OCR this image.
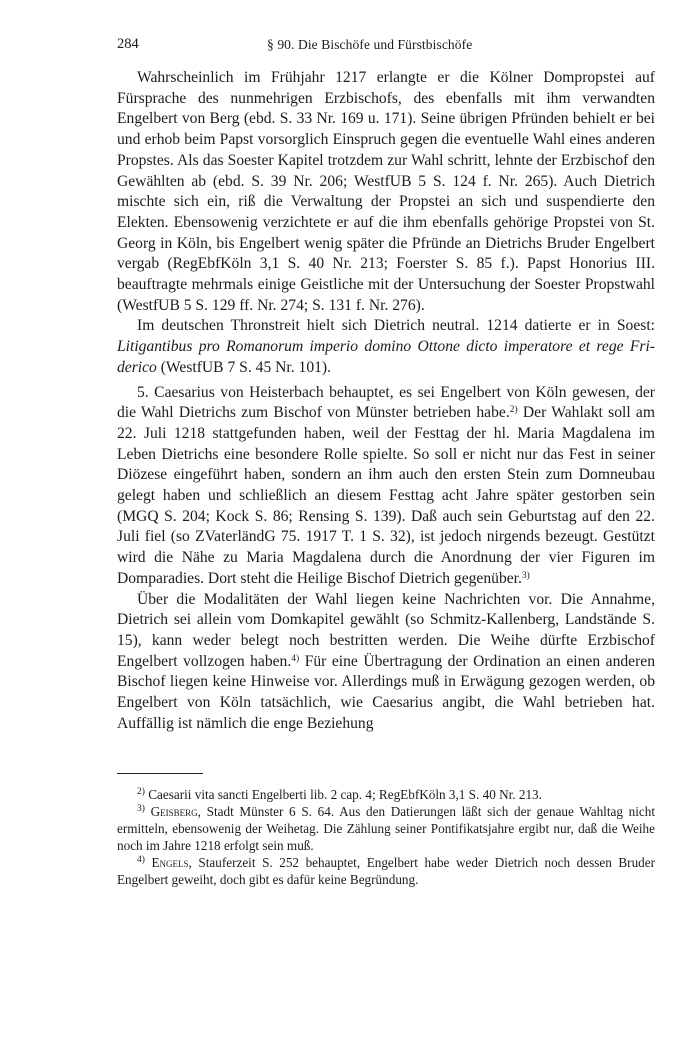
284	§ 90. Die Bischöfe und Fürstbischöfe

Wahrscheinlich im Frühjahr 1217 erlangte er die Kölner Dompropstei auf Fürsprache des nunmehrigen Erzbischofs, des ebenfalls mit ihm verwandten Engelbert von Berg (ebd. S. 33 Nr. 169 u. 171). Seine übrigen Pfründen behielt er bei und erhob beim Papst vorsorglich Einspruch gegen die eventuelle Wahl eines anderen Propstes. Als das Soester Kapitel trotzdem zur Wahl schritt, lehnte der Erzbischof den Gewählten ab (ebd. S. 39 Nr. 206; WestfUB 5 S. 124 f. Nr. 265). Auch Dietrich mischte sich ein, riß die Verwaltung der Propstei an sich und suspendierte den Elekten. Ebensowenig verzichtete er auf die ihm ebenfalls gehörige Propstei von St. Georg in Köln, bis Engelbert wenig später die Pfründe an Dietrichs Bruder Engelbert vergab (RegEbfKöln 3,1 S. 40 Nr. 213; Foerster S. 85 f.). Papst Honorius III. beauftragte mehrmals einige Geistliche mit der Untersuchung der Soester Propstwahl (WestfUB 5 S. 129 ff. Nr. 274; S. 131 f. Nr. 276).

Im deutschen Thronstreit hielt sich Dietrich neutral. 1214 datierte er in Soest: Litigantibus pro Romanorum imperio domino Ottone dicto imperatore et rege Friderico (WestfUB 7 S. 45 Nr. 101).

5. Caesarius von Heisterbach behauptet, es sei Engelbert von Köln gewesen, der die Wahl Dietrichs zum Bischof von Münster betrieben habe.$^{2)}$ Der Wahlakt soll am 22. Juli 1218 stattgefunden haben, weil der Festtag der hl. Maria Magdalena im Leben Dietrichs eine besondere Rolle spielte. So soll er nicht nur das Fest in seiner Diözese eingeführt haben, sondern an ihm auch den ersten Stein zum Domneubau gelegt haben und schließlich an diesem Festtag acht Jahre später gestorben sein (MGQ S. 204; Kock S. 86; Rensing S. 139). Daß auch sein Geburtstag auf den 22. Juli fiel (so ZVaterländG 75. 1917 T. 1 S. 32), ist jedoch nirgends bezeugt. Gestützt wird die Nähe zu Maria Magdalena durch die Anordnung der vier Figuren im Domparadies. Dort steht die Heilige Bischof Dietrich gegenüber.$^{3)}$

Über die Modalitäten der Wahl liegen keine Nachrichten vor. Die Annahme, Dietrich sei allein vom Domkapitel gewählt (so Schmitz-Kallenberg, Landstände S. 15), kann weder belegt noch bestritten werden. Die Weihe dürfte Erzbischof Engelbert vollzogen haben.$^{4)}$ Für eine Übertragung der Ordination an einen anderen Bischof liegen keine Hinweise vor. Allerdings muß in Erwägung gezogen werden, ob Engelbert von Köln tatsächlich, wie Caesarius angibt, die Wahl betrieben hat. Auffällig ist nämlich die enge Beziehung

$^{2)}$ Caesarii vita sancti Engelberti lib. 2 cap. 4; RegEbfKöln 3,1 S. 40 Nr. 213.

$^{3)}$ Geisberg, Stadt Münster 6 S. 64. Aus den Datierungen läßt sich der genaue Wahltag nicht ermitteln, ebensowenig der Weihetag. Die Zählung seiner Pontifikatsjahre ergibt nur, daß die Weihe noch im Jahre 1218 erfolgt sein muß.

$^{4)}$ Engels, Stauferzeit S. 252 behauptet, Engelbert habe weder Dietrich noch dessen Bruder Engelbert geweiht, doch gibt es dafür keine Begründung.
